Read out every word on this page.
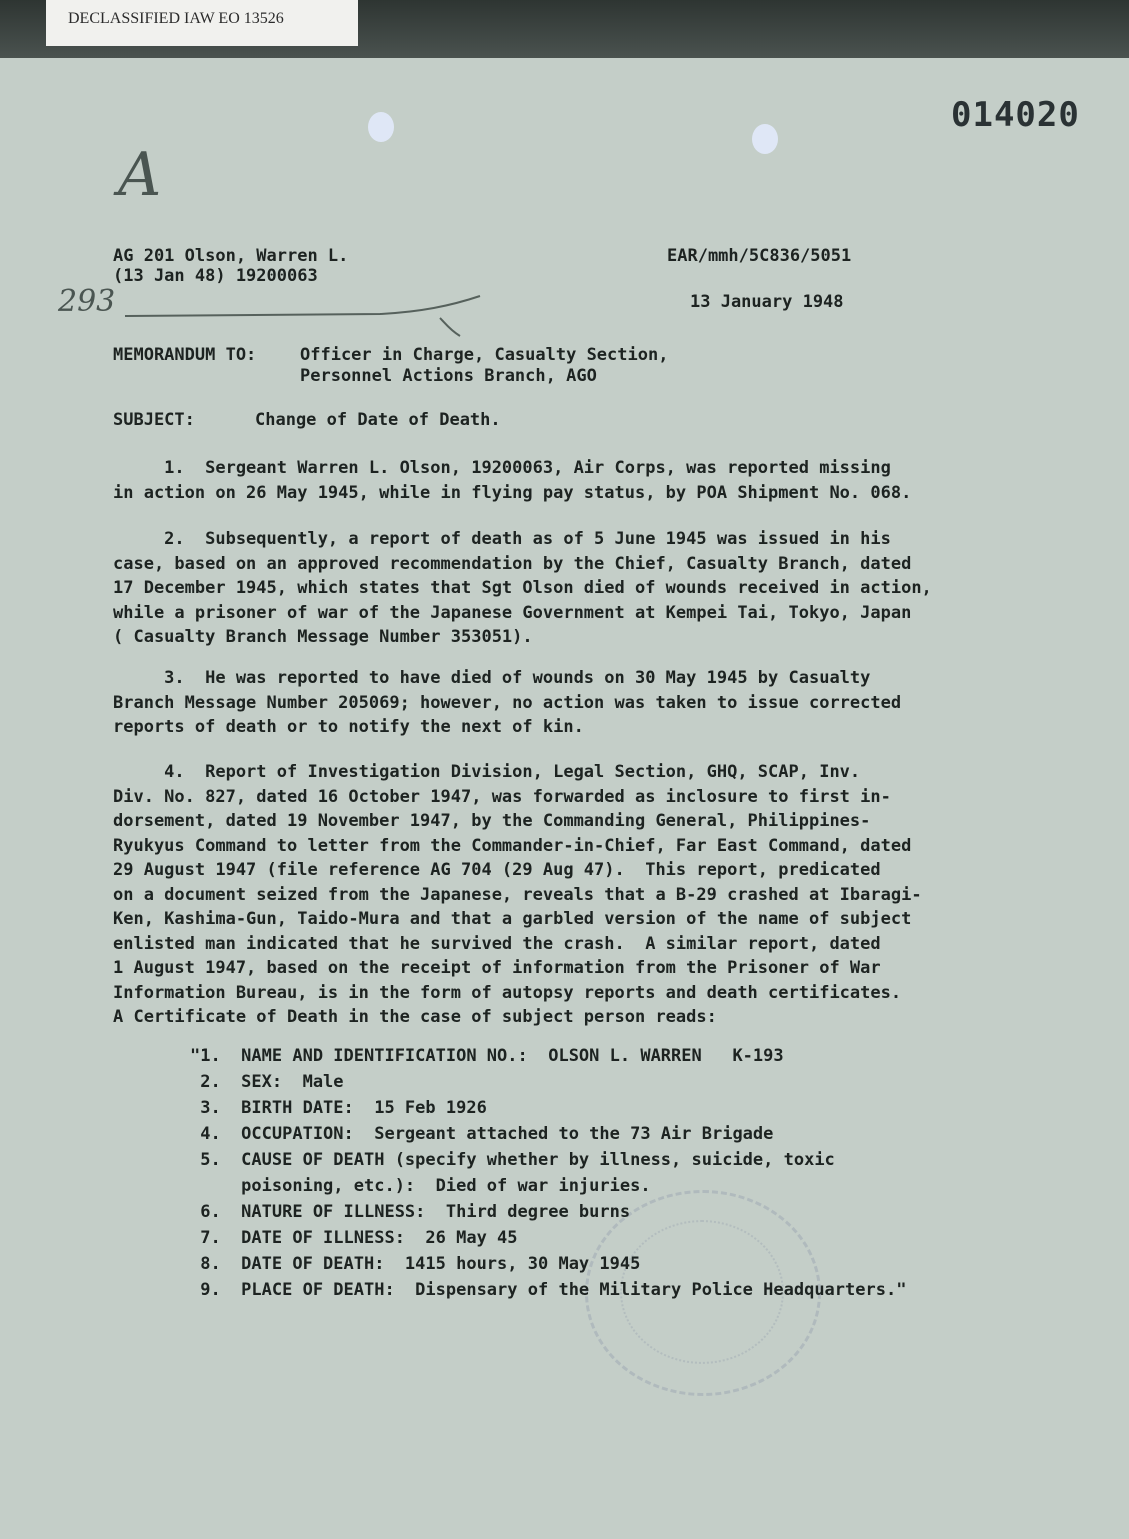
DECLASSIFIED IAW EO 13526
014020
A
293
AG 201 Olson, Warren L.
(13 Jan 48) 19200063
EAR/mmh/5C836/5051
13 January 1948
MEMORANDUM TO:	Officer in Charge, Casualty Section,
Personnel Actions Branch, AGO
SUBJECT:	Change of Date of Death.
1.  Sergeant Warren L. Olson, 19200063, Air Corps, was reported missing
in action on 26 May 1945, while in flying pay status, by POA Shipment No. 068.
2.  Subsequently, a report of death as of 5 June 1945 was issued in his
case, based on an approved recommendation by the Chief, Casualty Branch, dated
17 December 1945, which states that Sgt Olson died of wounds received in action,
while a prisoner of war of the Japanese Government at Kempei Tai, Tokyo, Japan
( Casualty Branch Message Number 353051).
3.  He was reported to have died of wounds on 30 May 1945 by Casualty
Branch Message Number 205069; however, no action was taken to issue corrected
reports of death or to notify the next of kin.
4.  Report of Investigation Division, Legal Section, GHQ, SCAP, Inv.
Div. No. 827, dated 16 October 1947, was forwarded as inclosure to first in-
dorsement, dated 19 November 1947, by the Commanding General, Philippines-
Ryukyus Command to letter from the Commander-in-Chief, Far East Command, dated
29 August 1947 (file reference AG 704 (29 Aug 47).  This report, predicated
on a document seized from the Japanese, reveals that a B-29 crashed at Ibaragi-
Ken, Kashima-Gun, Taido-Mura and that a garbled version of the name of subject
enlisted man indicated that he survived the crash.  A similar report, dated
1 August 1947, based on the receipt of information from the Prisoner of War
Information Bureau, is in the form of autopsy reports and death certificates.
A Certificate of Death in the case of subject person reads:
"1.  NAME AND IDENTIFICATION NO.:  OLSON L. WARREN   K-193
2.  SEX:  Male
3.  BIRTH DATE:  15 Feb 1926
4.  OCCUPATION:  Sergeant attached to the 73 Air Brigade
5.  CAUSE OF DEATH (specify whether by illness, suicide, toxic
poisoning, etc.):  Died of war injuries.
6.  NATURE OF ILLNESS:  Third degree burns
7.  DATE OF ILLNESS:  26 May 45
8.  DATE OF DEATH:  1415 hours, 30 May 1945
9.  PLACE OF DEATH:  Dispensary of the Military Police Headquarters."
